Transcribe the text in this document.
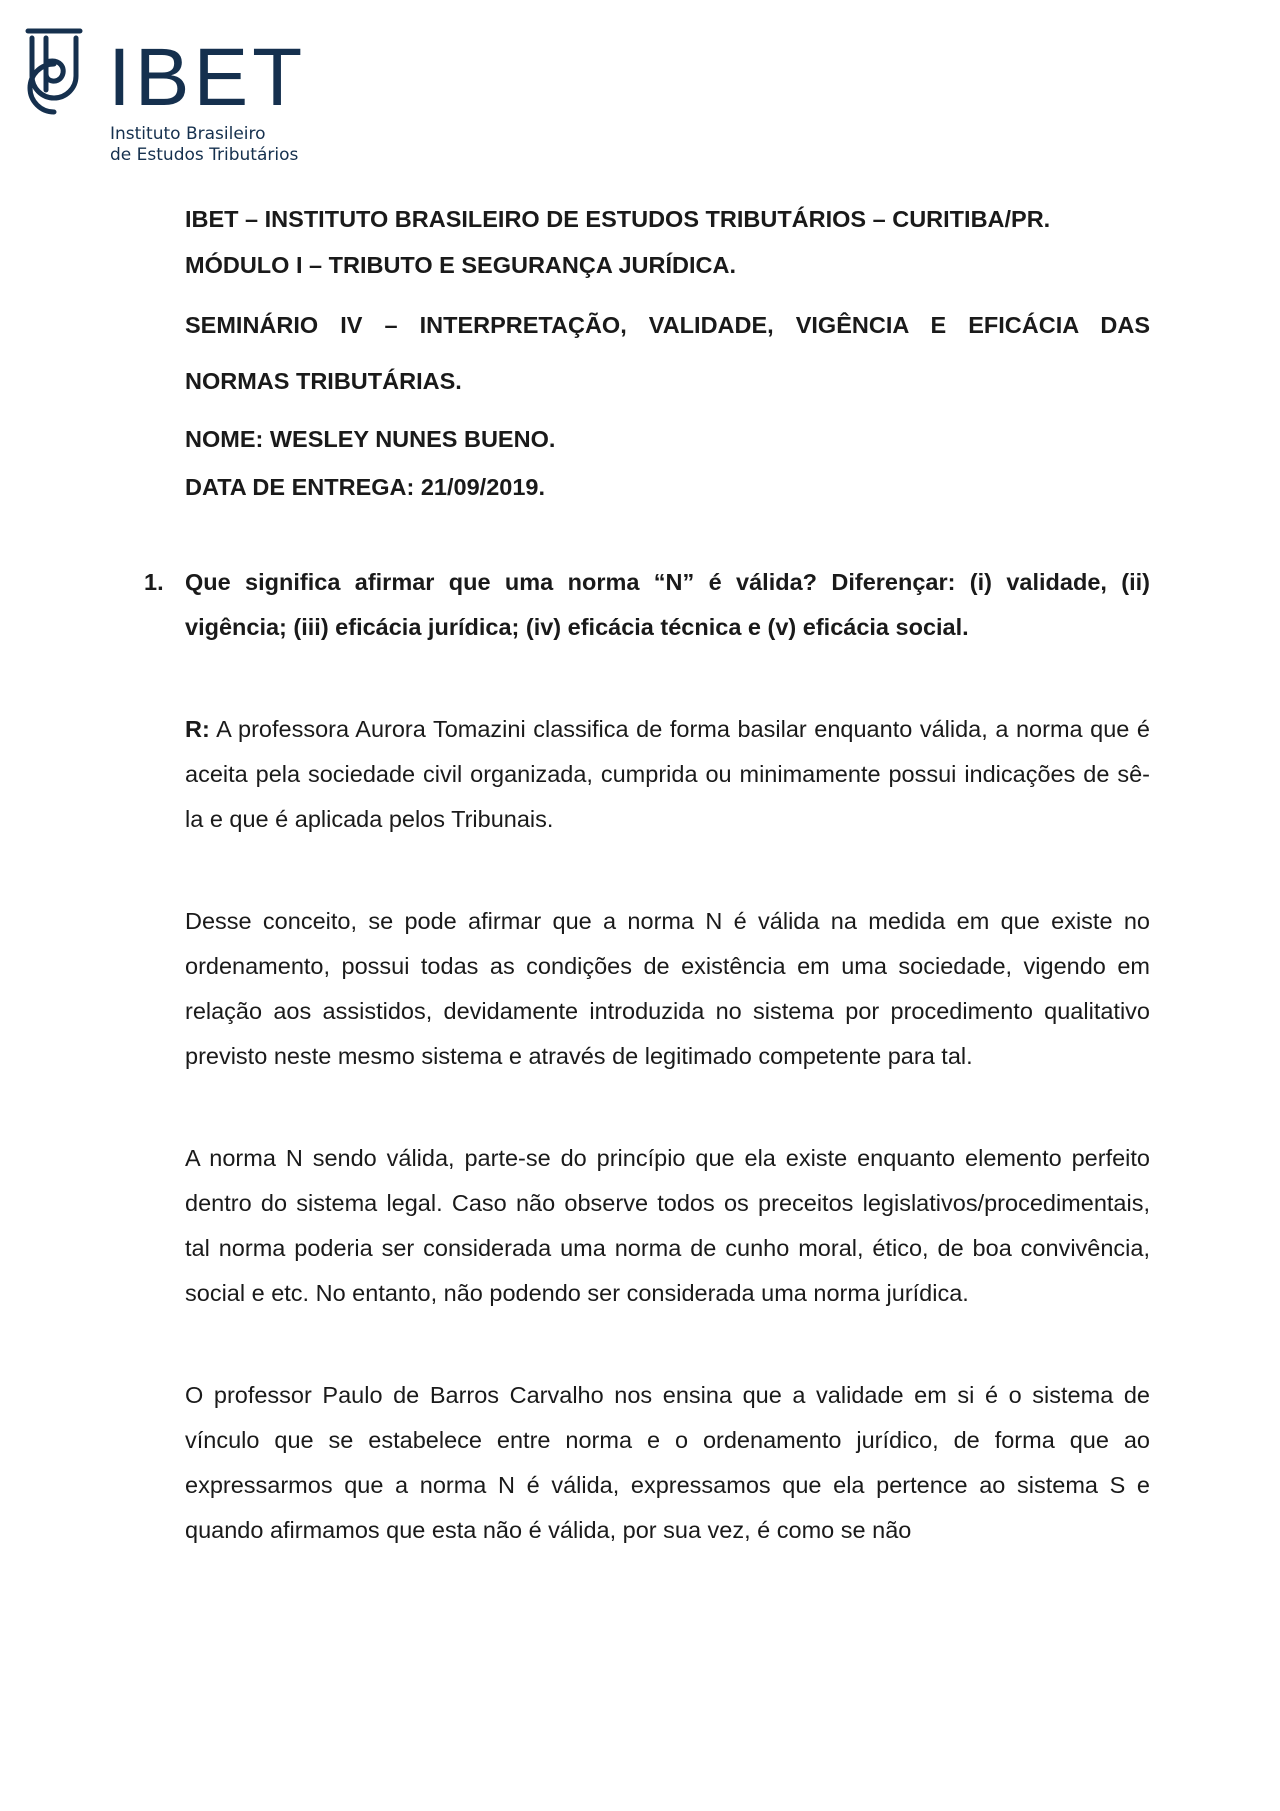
IBET
Instituto Brasileiro
de Estudos Tributários

IBET – INSTITUTO BRASILEIRO DE ESTUDOS TRIBUTÁRIOS – CURITIBA/PR.

MÓDULO I – TRIBUTO E SEGURANÇA JURÍDICA.

SEMINÁRIO IV – INTERPRETAÇÃO, VALIDADE, VIGÊNCIA E EFICÁCIA DAS

NORMAS TRIBUTÁRIAS.

NOME: WESLEY NUNES BUENO.

DATA DE ENTREGA: 21/09/2019.

1. Que significa afirmar que uma norma “N” é válida? Diferençar: (i) validade, (ii) vigência; (iii) eficácia jurídica; (iv) eficácia técnica e (v) eficácia social.

R: A professora Aurora Tomazini classifica de forma basilar enquanto válida, a norma que é aceita pela sociedade civil organizada, cumprida ou minimamente possui indicações de sê-la e que é aplicada pelos Tribunais.

Desse conceito, se pode afirmar que a norma N é válida na medida em que existe no ordenamento, possui todas as condições de existência em uma sociedade, vigendo em relação aos assistidos, devidamente introduzida no sistema por procedimento qualitativo previsto neste mesmo sistema e através de legitimado competente para tal.

A norma N sendo válida, parte-se do princípio que ela existe enquanto elemento perfeito dentro do sistema legal. Caso não observe todos os preceitos legislativos/procedimentais, tal norma poderia ser considerada uma norma de cunho moral, ético, de boa convivência, social e etc. No entanto, não podendo ser considerada uma norma jurídica.

O professor Paulo de Barros Carvalho nos ensina que a validade em si é o sistema de vínculo que se estabelece entre norma e o ordenamento jurídico, de forma que ao expressarmos que a norma N é válida, expressamos que ela pertence ao sistema S e quando afirmamos que esta não é válida, por sua vez, é como se não
